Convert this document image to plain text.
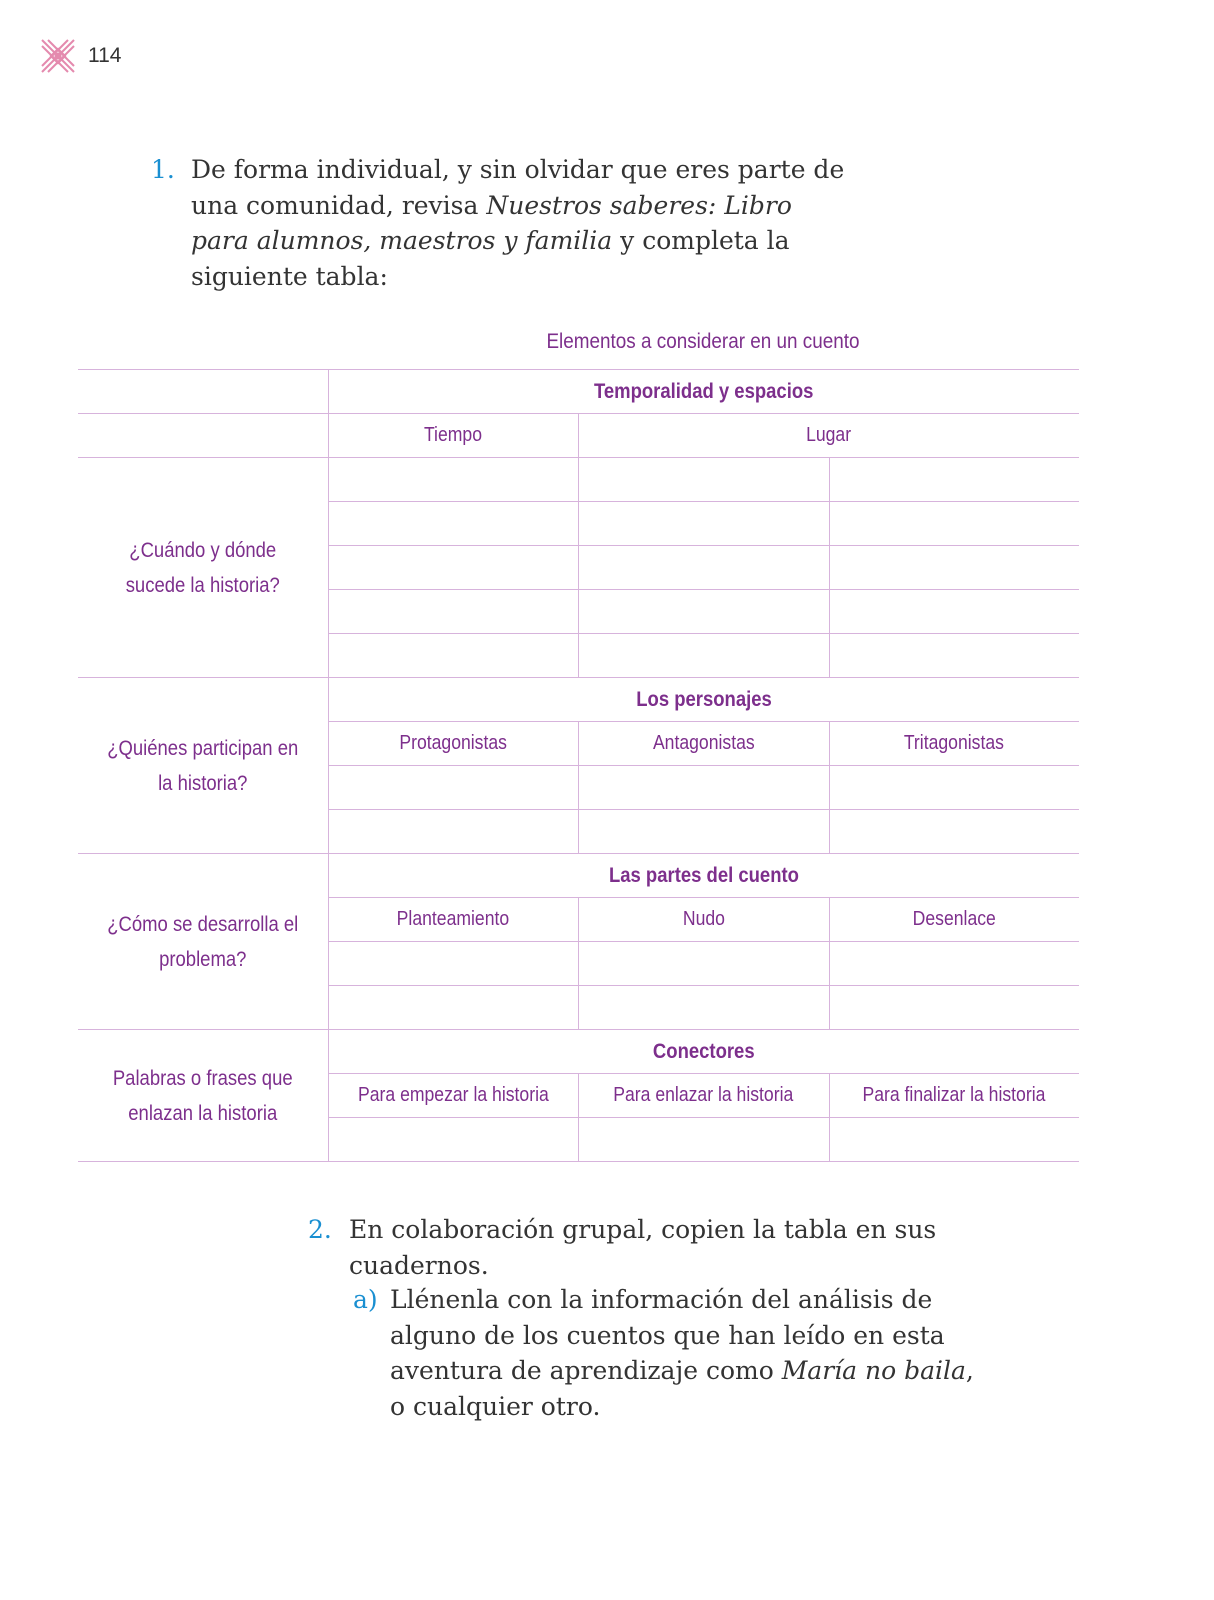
114
1. De forma individual, y sin olvidar que eres parte de una comunidad, revisa Nuestros saberes: Libro para alumnos, maestros y familia y completa la siguiente tabla:
Elementos a considerar en un cuento
	Temporalidad y espacios		
	Tiempo	Lugar	
¿Cuándo y dónde sucede la historia?			

¿Quiénes participan en la historia?	Los personajes		
	Protagonistas	Antagonistas	Tritagonistas

¿Cómo se desarrolla el problema?	Las partes del cuento		
	Planteamiento	Nudo	Desenlace

Palabras o frases que enlazan la historia	Conectores		
	Para empezar la historia	Para enlazar la historia	Para finalizar la historia

2. En colaboración grupal, copien la tabla en sus cuadernos.
a) Llénenla con la información del análisis de alguno de los cuentos que han leído en esta aventura de aprendizaje como María no baila, o cualquier otro.
